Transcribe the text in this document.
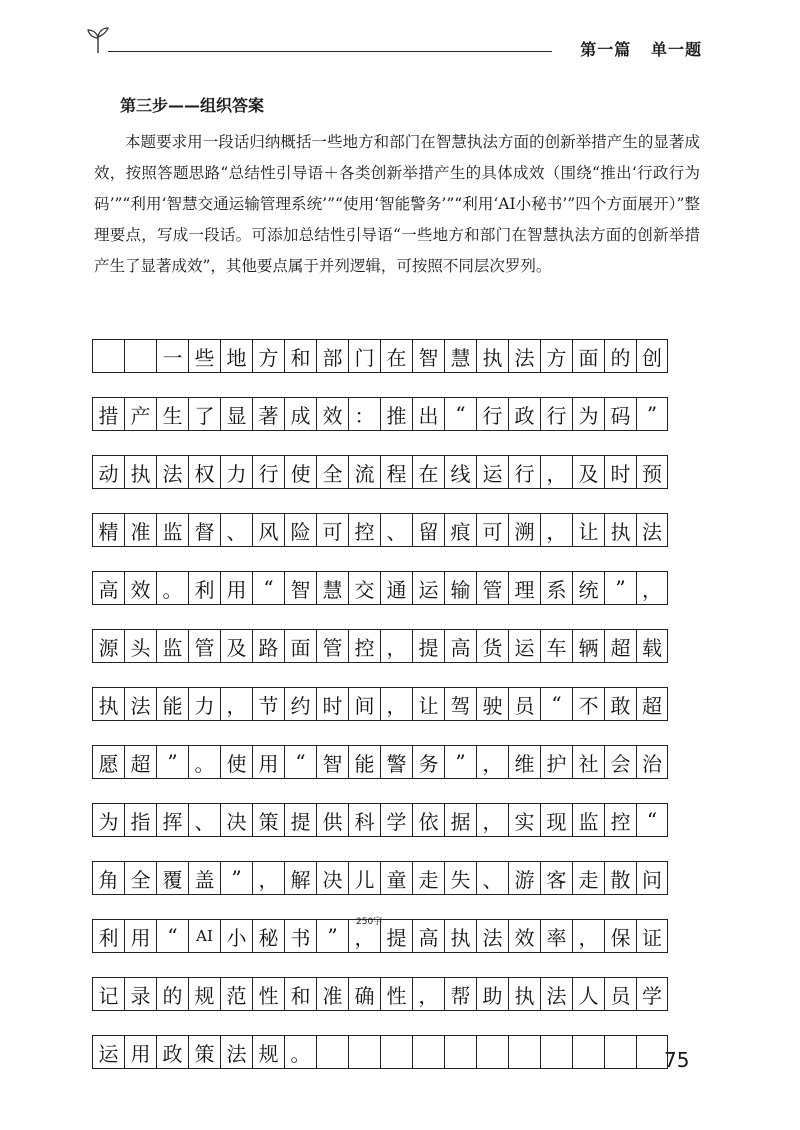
第一篇   单一题
第三步——组织答案

本题要求用一段话归纳概括一些地方和部门在智慧执法方面的创新举措产生的显著成效，按照答题思路“总结性引导语＋各类创新举措产生的具体成效（围绕“推出‘行政行为码’”“利用‘智慧交通运输管理系统’”“使用‘智能警务’”“利用‘AI小秘书’”四个方面展开）”整理要点，写成一段话。可添加总结性引导语“一些地方和部门在智慧执法方面的创新举措产生了显著成效”，其他要点属于并列逻辑，可按照不同层次罗列。

一 些 地 方 和 部 门 在 智 慧 执 法 方 面 的 创
措 产 生 了 显 著 成 效 ： 推 出 “ 行 政 行 为 码 ”
动 执 法 权 力 行 使 全 流 程 在 线 运 行 ， 及 时 预
精 准 监 督 、 风 险 可 控 、 留 痕 可 溯 ， 让 执 法
高 效 。 利 用 “ 智 慧 交 通 运 输 管 理 系 统 ” ，
源 头 监 管 及 路 面 管 控 ， 提 高 货 运 车 辆 超 载
执 法 能 力 ， 节 约 时 间 ， 让 驾 驶 员 “ 不 敢 超
愿 超 ” 。 使 用 “ 智 能 警 务 ” ， 维 护 社 会 治
为 指 挥 、 决 策 提 供 科 学 依 据 ， 实 现 监 控 “
角 全 覆 盖 ” ， 解 决 儿 童 走 失 、 游 客 走 散 问
利 用 “	AI 小 秘 书 ” ， 提 高 执 法 效 率 ， 保 证
记 录 的 规 范 性 和 准 确 性 ， 帮 助 执 法 人 员 学
运 用 政 策 法 规 。
250字
75
